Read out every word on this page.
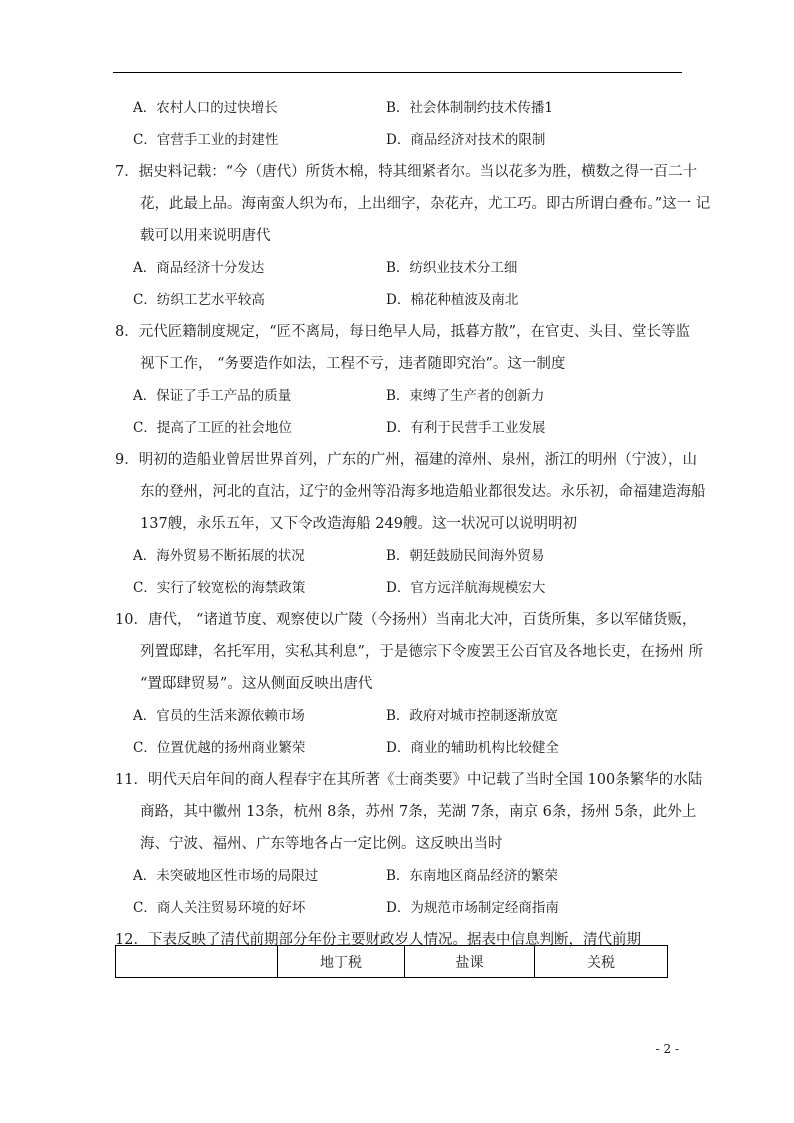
A．农村人口的过快增长	B．社会体制制约技术传播1
C．官营手工业的封建性	D．商品经济对技术的限制
7．据史料记载：“今（唐代）所货木棉，特其细紧者尔。当以花多为胜，横数之得一百二十
花，此最上品。海南蛮人织为布，上出细字，杂花卉，尤工巧。即古所谓白叠布。”这一 记
载可以用来说明唐代
A．商品经济十分发达	B．纺织业技术分工细
C．纺织工艺水平较高	D．棉花种植波及南北
8．元代匠籍制度规定，“匠不离局，每日绝早人局，抵暮方散”，在官吏、头目、堂长等监
视下工作， “务要造作如法，工程不亏，违者随即究治”。这一制度
A．保证了手工产品的质量	B．束缚了生产者的创新力
C．提高了工匠的社会地位	D．有利于民营手工业发展
9．明初的造船业曾居世界首列，广东的广州，福建的漳州、泉州，浙江的明州（宁波），山
东的登州，河北的直沽，辽宁的金州等沿海多地造船业都很发达。永乐初，命福建造海船
137艘，永乐五年，又下令改造海船 249艘。这一状况可以说明明初
A．海外贸易不断拓展的状况	B．朝廷鼓励民间海外贸易
C．实行了较宽松的海禁政策	D．官方远洋航海规模宏大
10．唐代， “诸道节度、观察使以广陵（今扬州）当南北大冲，百货所集，多以军储货贩，
列置邸肆，名托军用，实私其利息”，于是德宗下令废罢王公百官及各地长吏，在扬州 所
“置邸肆贸易”。这从侧面反映出唐代
A．官员的生活来源依赖市场	B．政府对城市控制逐渐放宽
C．位置优越的扬州商业繁荣	D．商业的辅助机构比较健全
11．明代天启年间的商人程春宇在其所著《士商类要》中记载了当时全国 100条繁华的水陆
商路，其中徽州 13条，杭州 8条，苏州 7条，芜湖 7条，南京 6条，扬州 5条，此外上
海、宁波、福州、广东等地各占一定比例。这反映出当时
A．未突破地区性市场的局限过	B．东南地区商品经济的繁荣
C．商人关注贸易环境的好坏	D．为规范市场制定经商指南
12．下表反映了清代前期部分年份主要财政岁人情况。据表中信息判断，清代前期
	地丁税	盐课	关税
- 2 -
